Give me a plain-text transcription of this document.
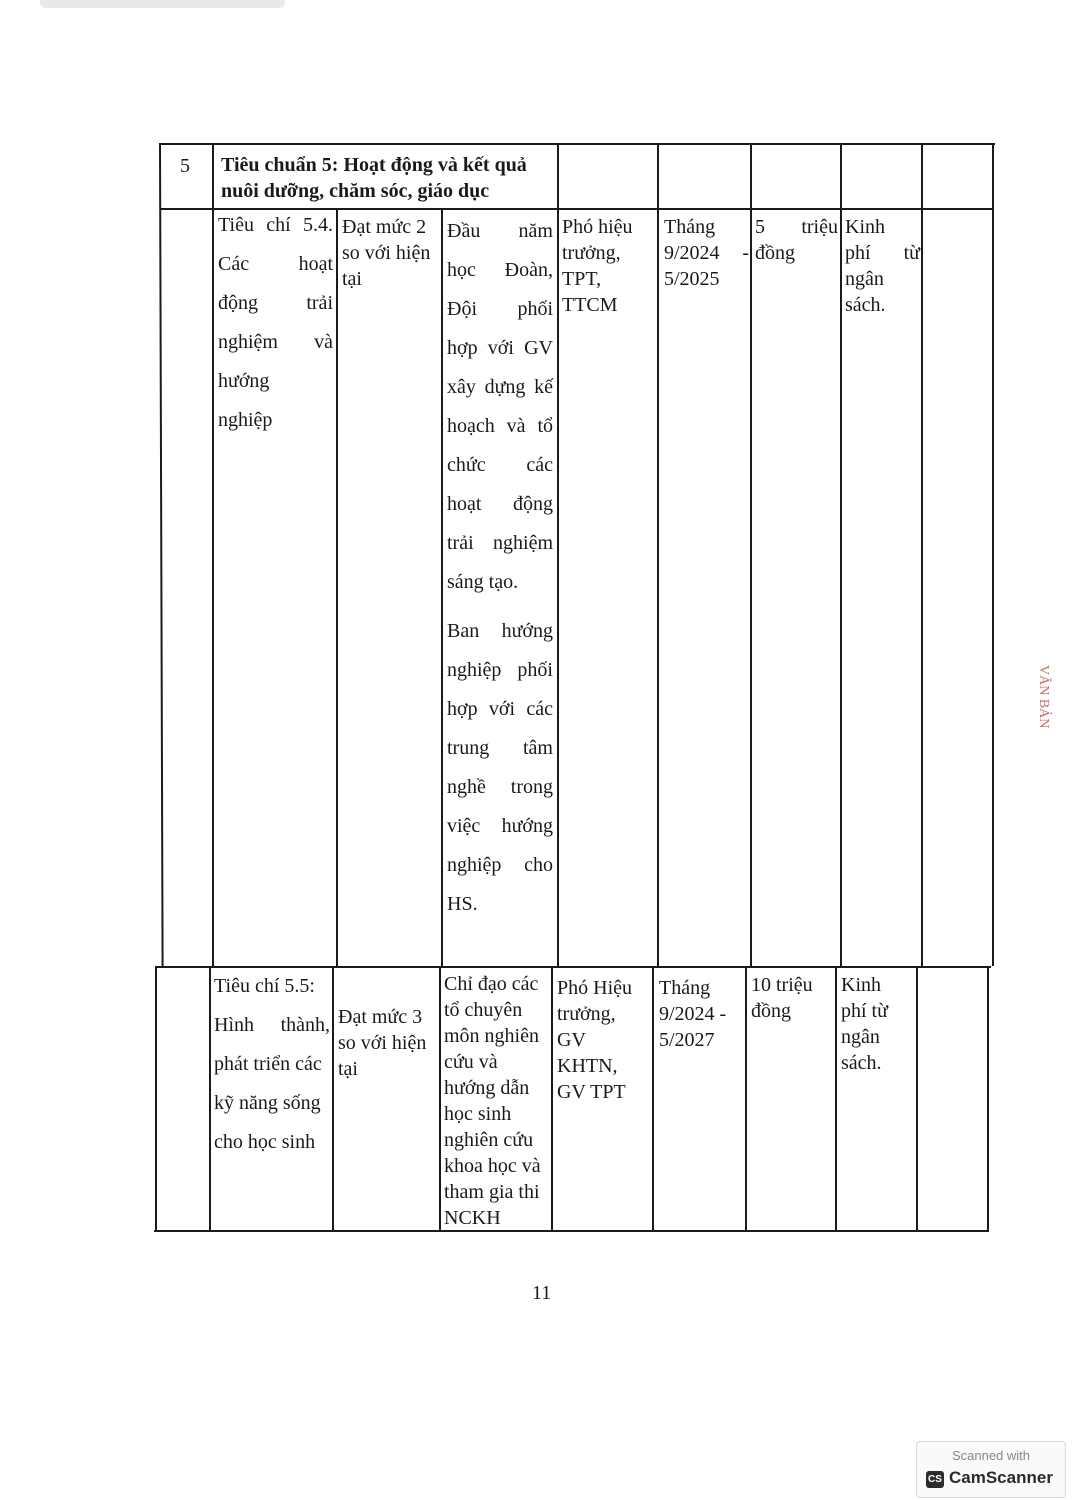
5 Tiêu chuẩn 5: Hoạt động và kết quả
nuôi dưỡng, chăm sóc, giáo dục
Tiêu chí 5.4.
Các hoạt
động trải
nghiệm và
hướng
nghiệp
Đạt mức 2
so với hiện
tại
Đầu năm
học Đoàn,
Đội phối
hợp với GV
xây dựng kế
hoạch và tổ
chức các
hoạt động
trải nghiệm
sáng tạo.
Ban hướng
nghiệp phối
hợp với các
trung tâm
nghề trong
việc hướng
nghiệp cho
HS.
Phó hiệu
trưởng,
TPT,
TTCM
Tháng
9/2024 -
5/2025
5 triệu
đồng
Kinh
phí từ
ngân
sách.
Tiêu chí 5.5:
Hình thành,
phát triển các
kỹ năng sống
cho học sinh
Đạt mức 3
so với hiện
tại
Chỉ đạo các
tổ chuyên
môn nghiên
cứu và
hướng dẫn
học sinh
nghiên cứu
khoa học và
tham gia thi
NCKH
Phó Hiệu
trưởng,
GV
KHTN,
GV TPT
Tháng
9/2024 -
5/2027
10 triệu
đồng
Kinh
phí từ
ngân
sách.
11
VĂN BẢN
Scanned with
CS CamScanner
